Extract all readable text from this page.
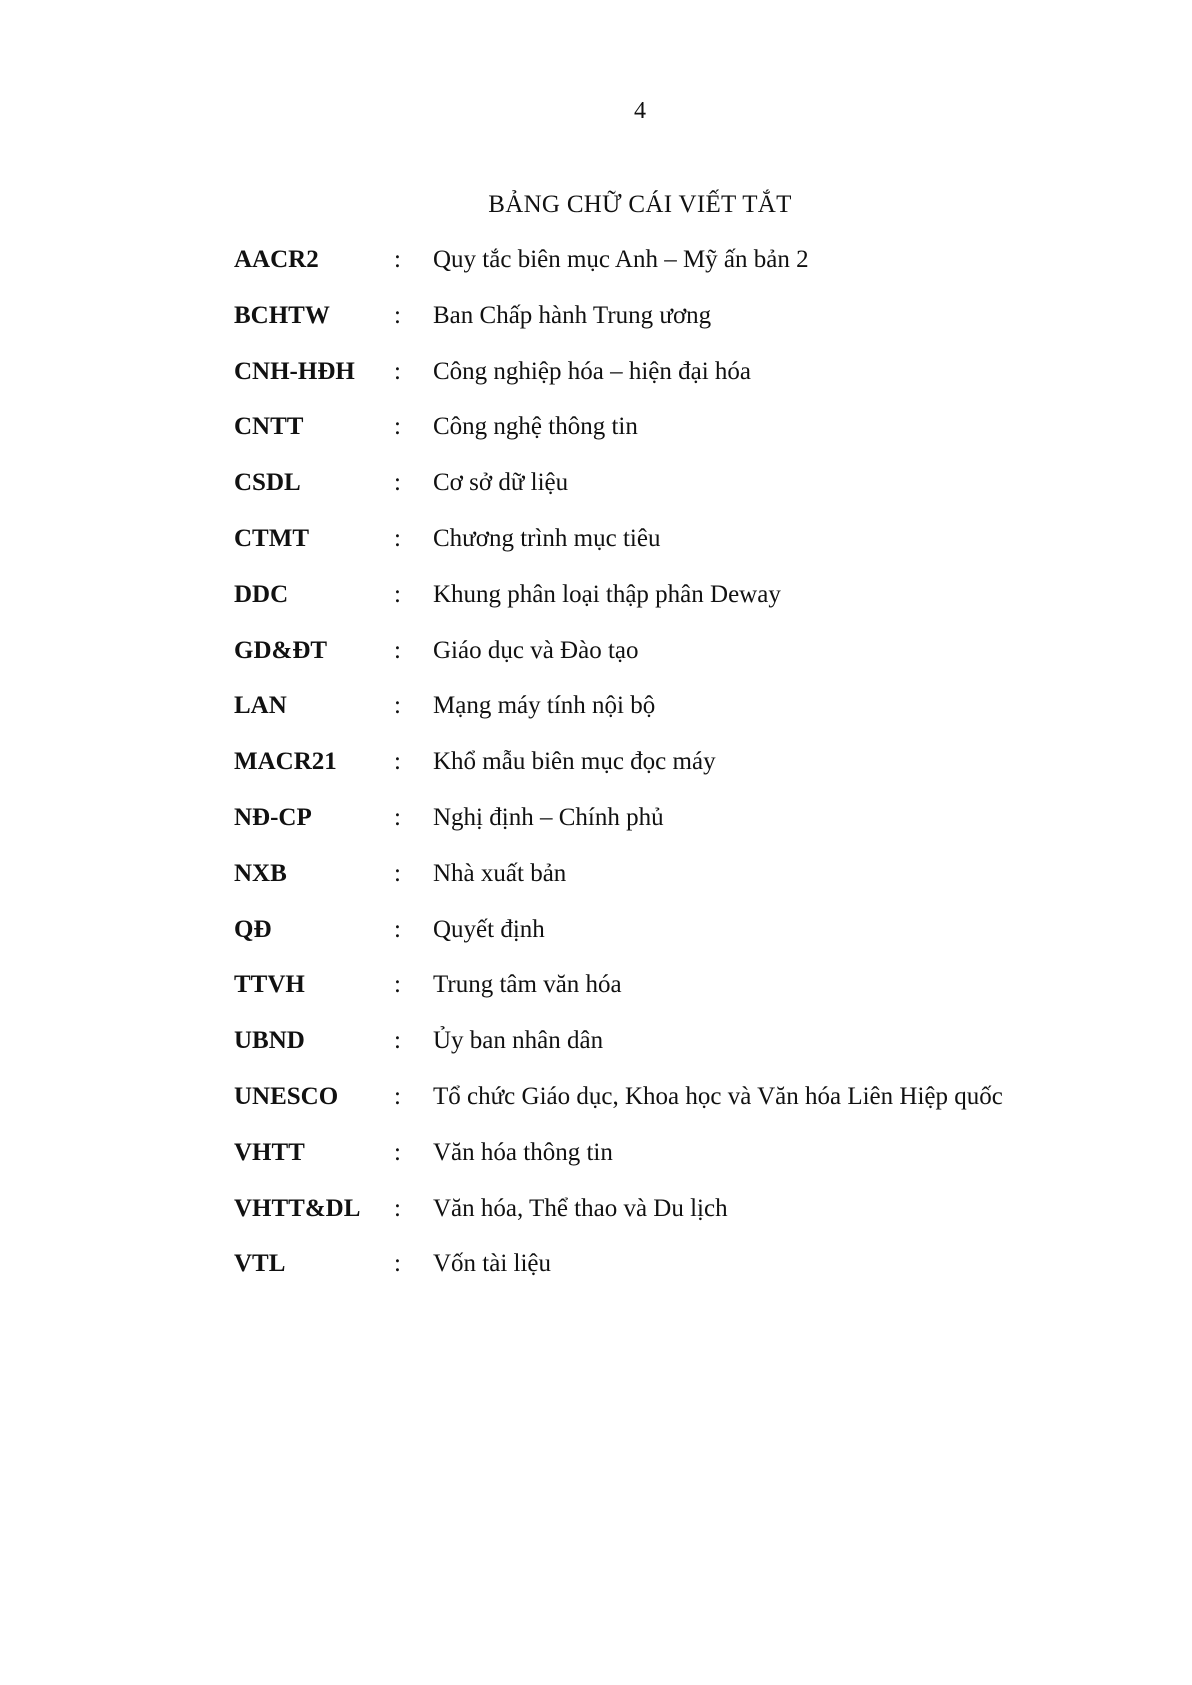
4
BẢNG CHỮ CÁI VIẾT TẮT
AACR2	: Quy tắc biên mục Anh – Mỹ ấn bản 2
BCHTW	: Ban Chấp hành Trung ương
CNH-HĐH : Công nghiệp hóa – hiện đại hóa
CNTT	: Công nghệ thông tin
CSDL	: Cơ sở dữ liệu
CTMT	: Chương trình mục tiêu
DDC	: Khung phân loại thập phân Deway
GD&ĐT	: Giáo dục và Đào tạo
LAN	: Mạng máy tính nội bộ
MACR21 : Khổ mẫu biên mục đọc máy
NĐ-CP	: Nghị định – Chính phủ
NXB	: Nhà xuất bản
QĐ	: Quyết định
TTVH	: Trung tâm văn hóa
UBND	: Ủy ban nhân dân
UNESCO : Tổ chức Giáo dục, Khoa học và Văn hóa Liên Hiệp quốc
VHTT	: Văn hóa thông tin
VHTT&DL : Văn hóa, Thể thao và Du lịch
VTL	: Vốn tài liệu
